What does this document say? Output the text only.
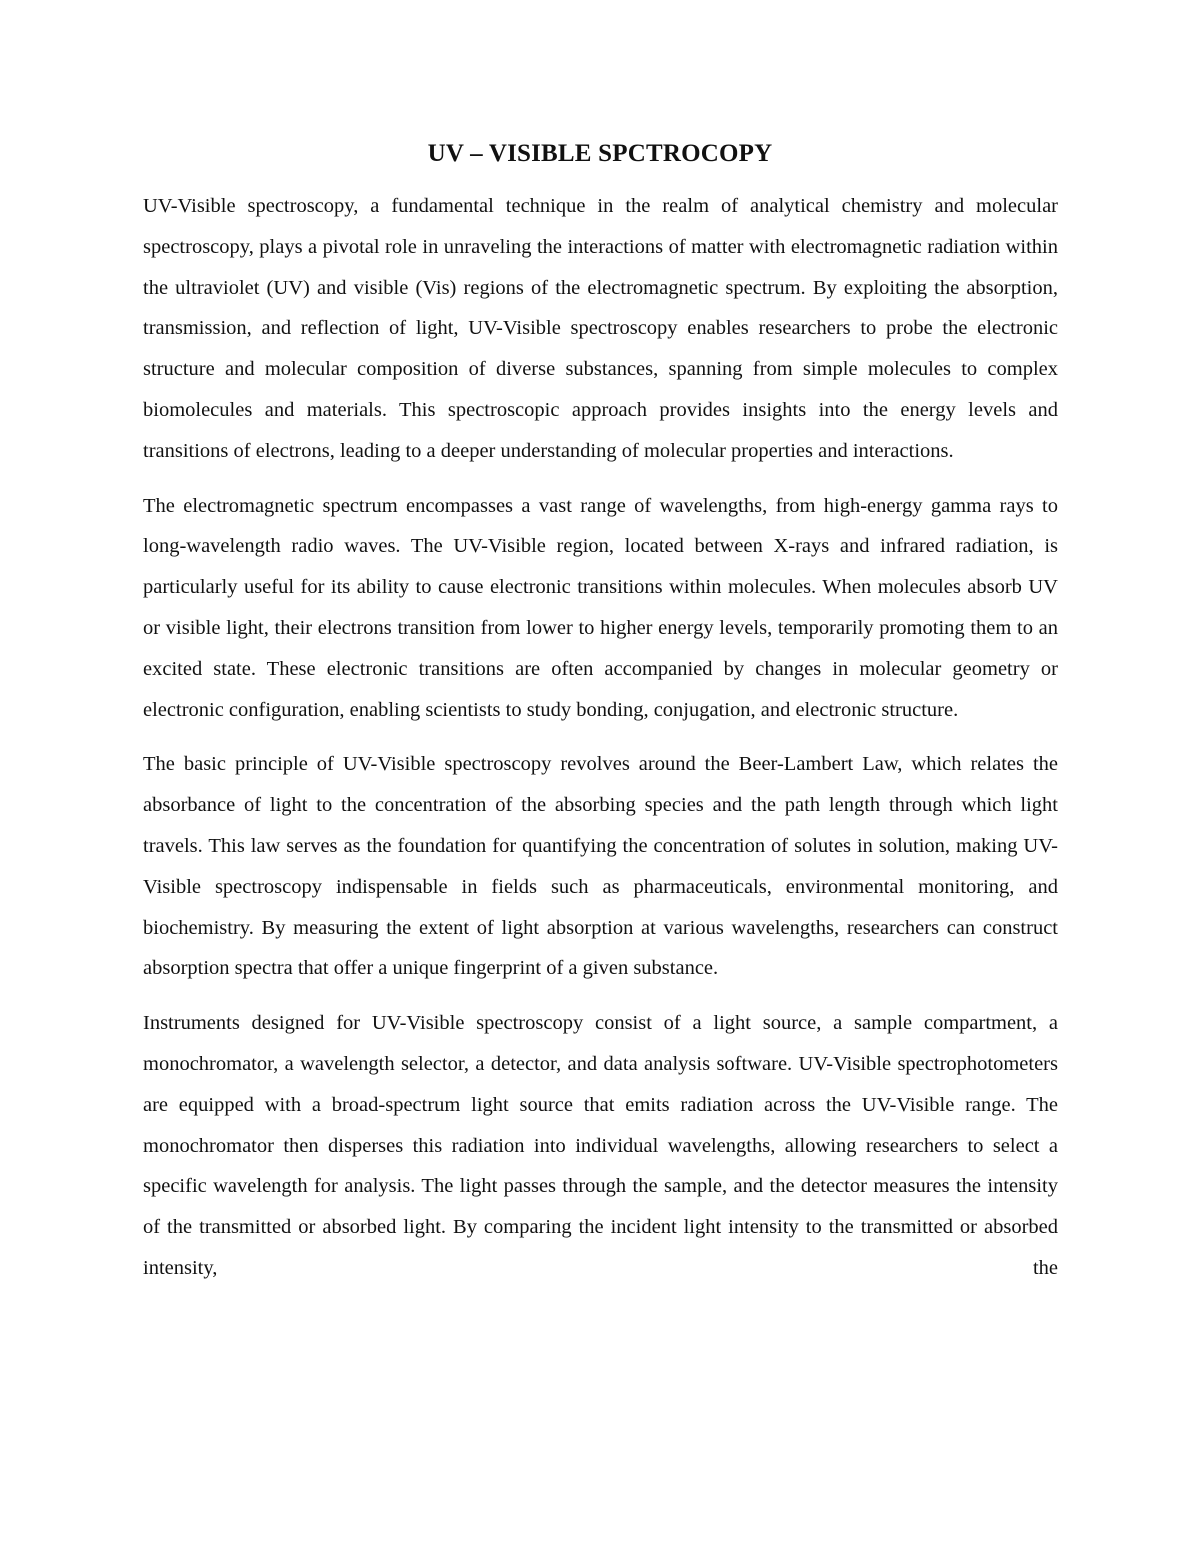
UV – VISIBLE SPCTROCOPY

UV-Visible spectroscopy, a fundamental technique in the realm of analytical chemistry and molecular spectroscopy, plays a pivotal role in unraveling the interactions of matter with electromagnetic radiation within the ultraviolet (UV) and visible (Vis) regions of the electromagnetic spectrum. By exploiting the absorption, transmission, and reflection of light, UV-Visible spectroscopy enables researchers to probe the electronic structure and molecular composition of diverse substances, spanning from simple molecules to complex biomolecules and materials. This spectroscopic approach provides insights into the energy levels and transitions of electrons, leading to a deeper understanding of molecular properties and interactions.

The electromagnetic spectrum encompasses a vast range of wavelengths, from high-energy gamma rays to long-wavelength radio waves. The UV-Visible region, located between X-rays and infrared radiation, is particularly useful for its ability to cause electronic transitions within molecules. When molecules absorb UV or visible light, their electrons transition from lower to higher energy levels, temporarily promoting them to an excited state. These electronic transitions are often accompanied by changes in molecular geometry or electronic configuration, enabling scientists to study bonding, conjugation, and electronic structure.

The basic principle of UV-Visible spectroscopy revolves around the Beer-Lambert Law, which relates the absorbance of light to the concentration of the absorbing species and the path length through which light travels. This law serves as the foundation for quantifying the concentration of solutes in solution, making UV-Visible spectroscopy indispensable in fields such as pharmaceuticals, environmental monitoring, and biochemistry. By measuring the extent of light absorption at various wavelengths, researchers can construct absorption spectra that offer a unique fingerprint of a given substance.

Instruments designed for UV-Visible spectroscopy consist of a light source, a sample compartment, a monochromator, a wavelength selector, a detector, and data analysis software. UV-Visible spectrophotometers are equipped with a broad-spectrum light source that emits radiation across the UV-Visible range. The monochromator then disperses this radiation into individual wavelengths, allowing researchers to select a specific wavelength for analysis. The light passes through the sample, and the detector measures the intensity of the transmitted or absorbed light. By comparing the incident light intensity to the transmitted or absorbed intensity, the
